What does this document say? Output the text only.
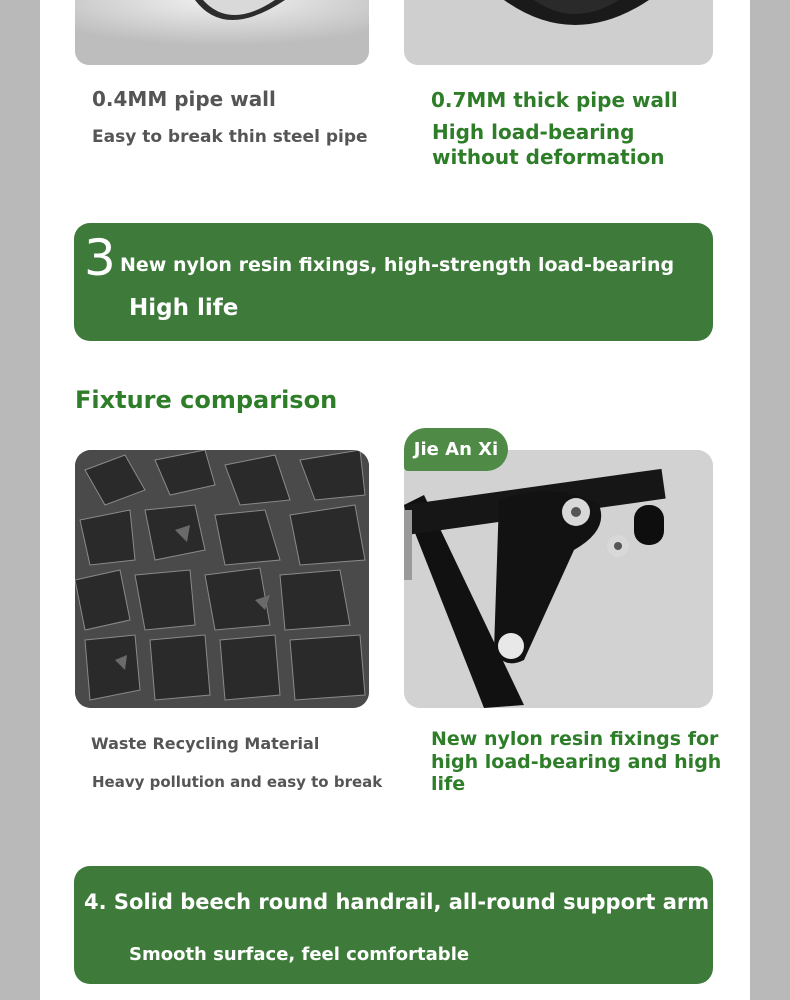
0.4MM pipe wall
Easy to break thin steel pipe
0.7MM thick pipe wall
High load-bearing
without deformation
3 New nylon resin fixings, high-strength load-bearing
High life
Fixture comparison
Jie An Xi
Waste Recycling Material
Heavy pollution and easy to break
New nylon resin fixings for
high load-bearing and high
life
4. Solid beech round handrail, all-round support arm
Smooth surface, feel comfortable
